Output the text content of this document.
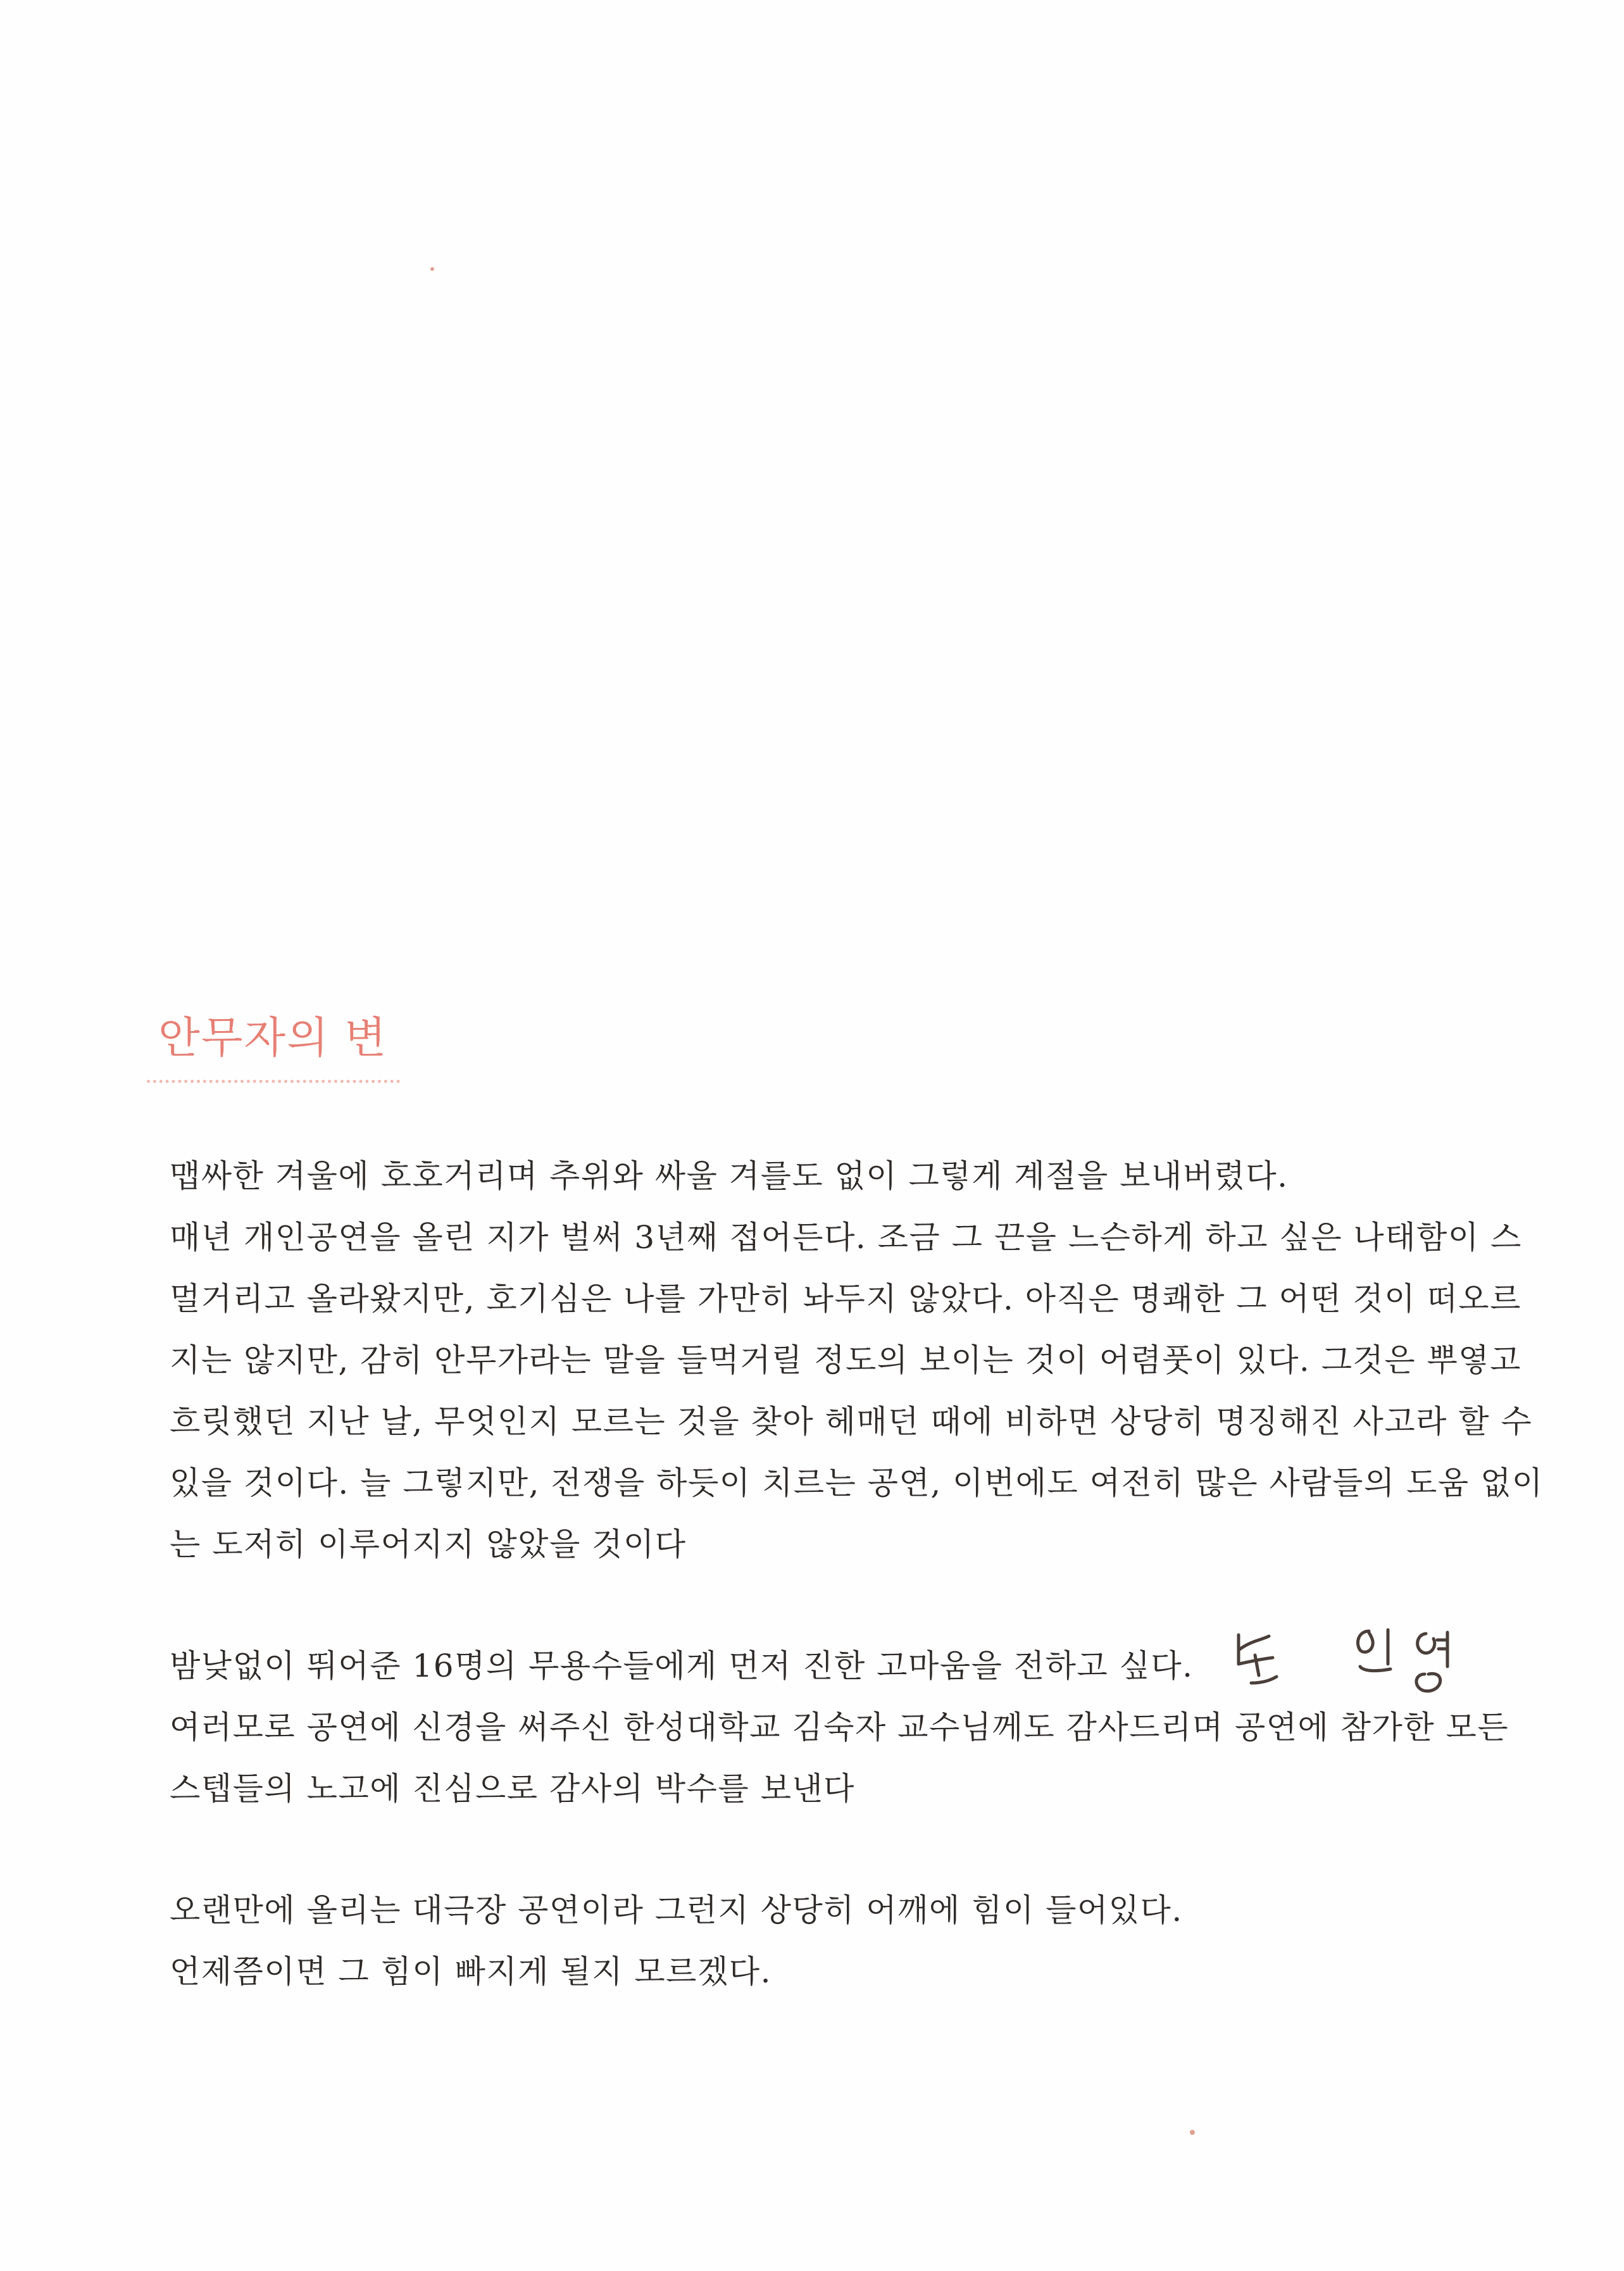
안무자의 변
맵싸한 겨울에 호호거리며 추위와 싸울 겨를도 없이 그렇게 계절을 보내버렸다.
매년 개인공연을 올린 지가 벌써 3년째 접어든다. 조금 그 끈을 느슨하게 하고 싶은 나태함이 스
멀거리고 올라왔지만, 호기심은 나를 가만히 놔두지 않았다. 아직은 명쾌한 그 어떤 것이 떠오르
지는 않지만, 감히 안무가라는 말을 들먹거릴 정도의 보이는 것이 어렴풋이 있다. 그것은 뿌옇고
흐릿했던 지난 날, 무엇인지 모르는 것을 찾아 헤매던 때에 비하면 상당히 명징해진 사고라 할 수
있을 것이다. 늘 그렇지만, 전쟁을 하듯이 치르는 공연, 이번에도 여전히 많은 사람들의 도움 없이
는 도저히 이루어지지 않았을 것이다
밤낮없이 뛰어준 16명의 무용수들에게 먼저 진한 고마움을 전하고 싶다.
여러모로 공연에 신경을 써주신 한성대학교 김숙자 교수님께도 감사드리며 공연에 참가한 모든
스텝들의 노고에 진심으로 감사의 박수를 보낸다
오랜만에 올리는 대극장 공연이라 그런지 상당히 어깨에 힘이 들어있다.
언제쯤이면 그 힘이 빠지게 될지 모르겠다.
